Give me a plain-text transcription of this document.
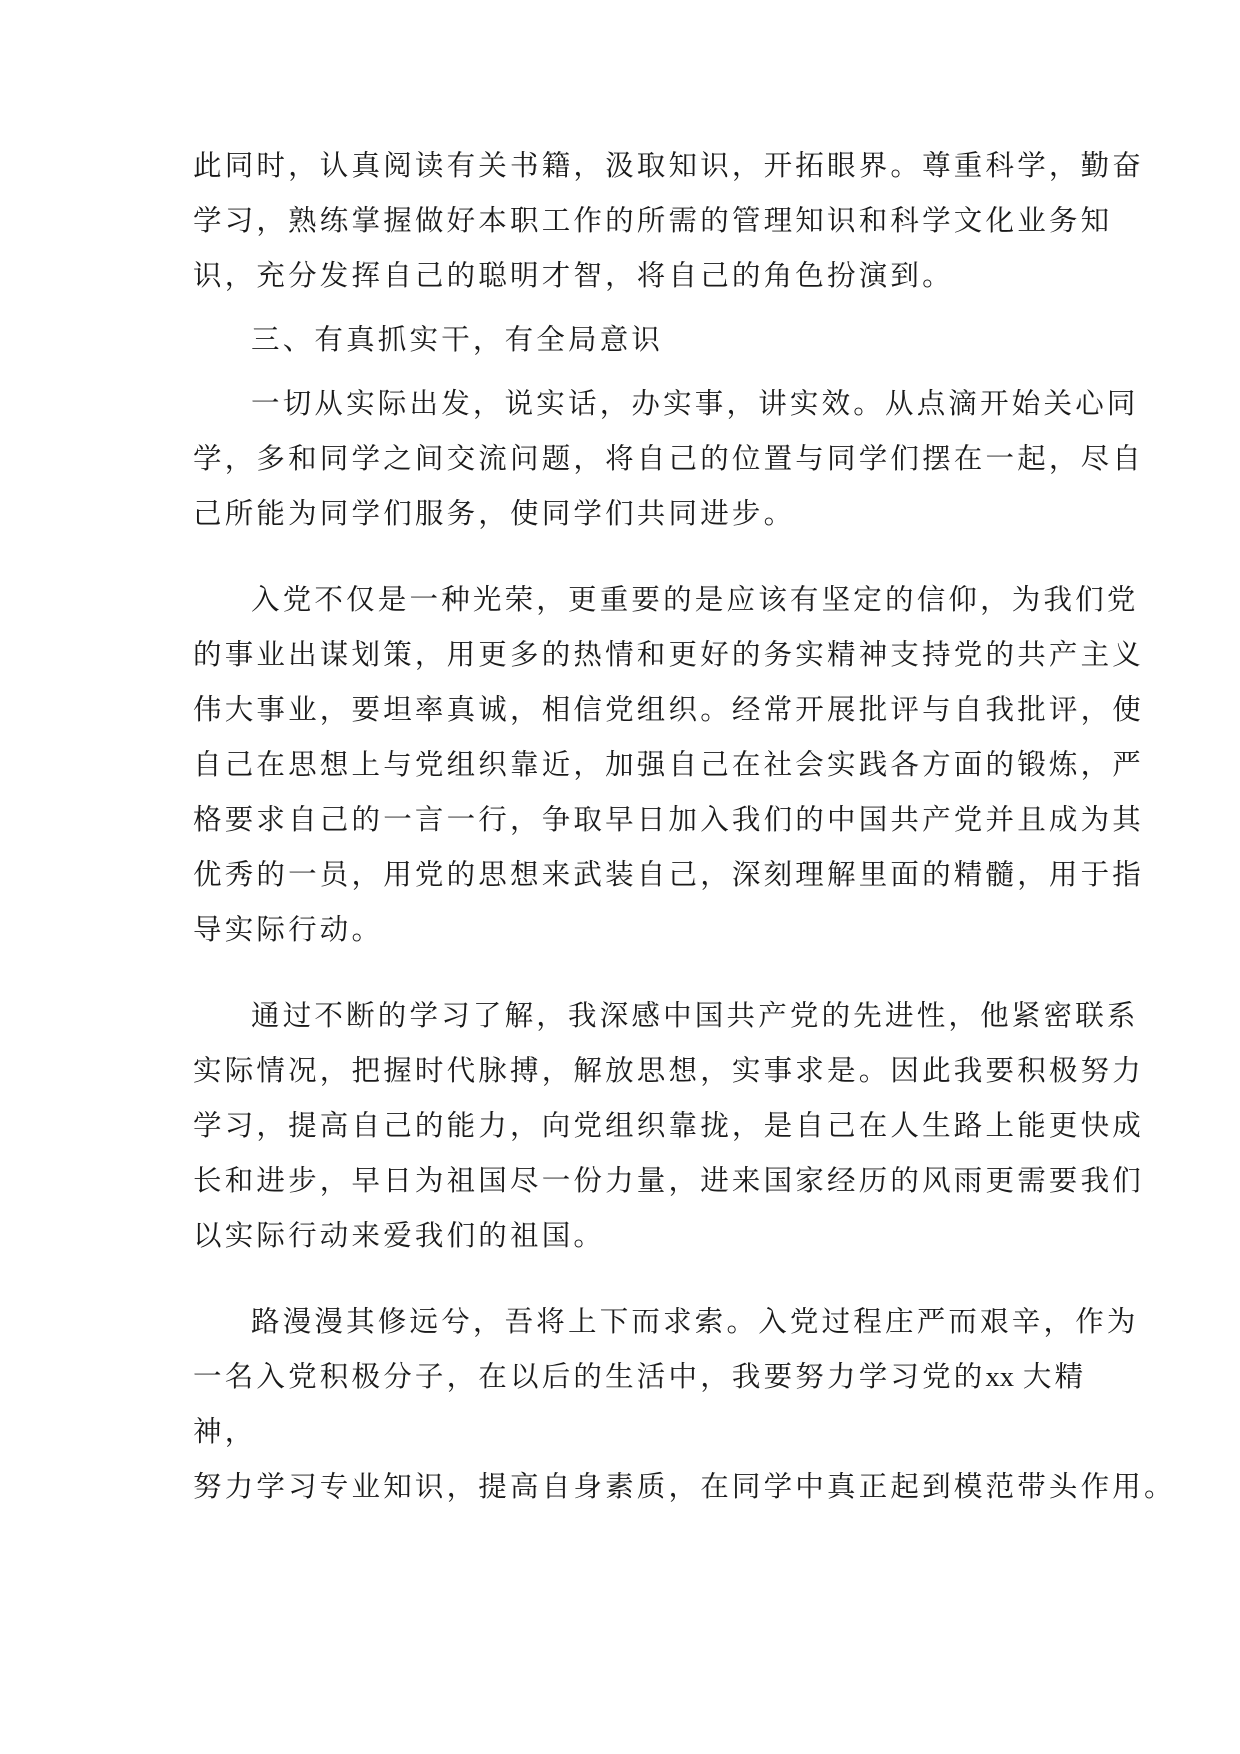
此同时，认真阅读有关书籍，汲取知识，开拓眼界。尊重科学，勤奋
学习，熟练掌握做好本职工作的所需的管理知识和科学文化业务知
识，充分发挥自己的聪明才智，将自己的角色扮演到。

三、有真抓实干，有全局意识

一切从实际出发，说实话，办实事，讲实效。从点滴开始关心同
学，多和同学之间交流问题，将自己的位置与同学们摆在一起，尽自
己所能为同学们服务，使同学们共同进步。

入党不仅是一种光荣，更重要的是应该有坚定的信仰，为我们党
的事业出谋划策，用更多的热情和更好的务实精神支持党的共产主义
伟大事业，要坦率真诚，相信党组织。经常开展批评与自我批评，使
自己在思想上与党组织靠近，加强自己在社会实践各方面的锻炼，严
格要求自己的一言一行，争取早日加入我们的中国共产党并且成为其
优秀的一员，用党的思想来武装自己，深刻理解里面的精髓，用于指
导实际行动。

通过不断的学习了解，我深感中国共产党的先进性，他紧密联系
实际情况，把握时代脉搏，解放思想，实事求是。因此我要积极努力
学习，提高自己的能力，向党组织靠拢，是自己在人生路上能更快成
长和进步，早日为祖国尽一份力量，进来国家经历的风雨更需要我们
以实际行动来爱我们的祖国。

路漫漫其修远兮，吾将上下而求索。入党过程庄严而艰辛，作为
一名入党积极分子，在以后的生活中，我要努力学习党的xx  大精
神，
努力学习专业知识，提高自身素质，在同学中真正起到模范带头作用。
